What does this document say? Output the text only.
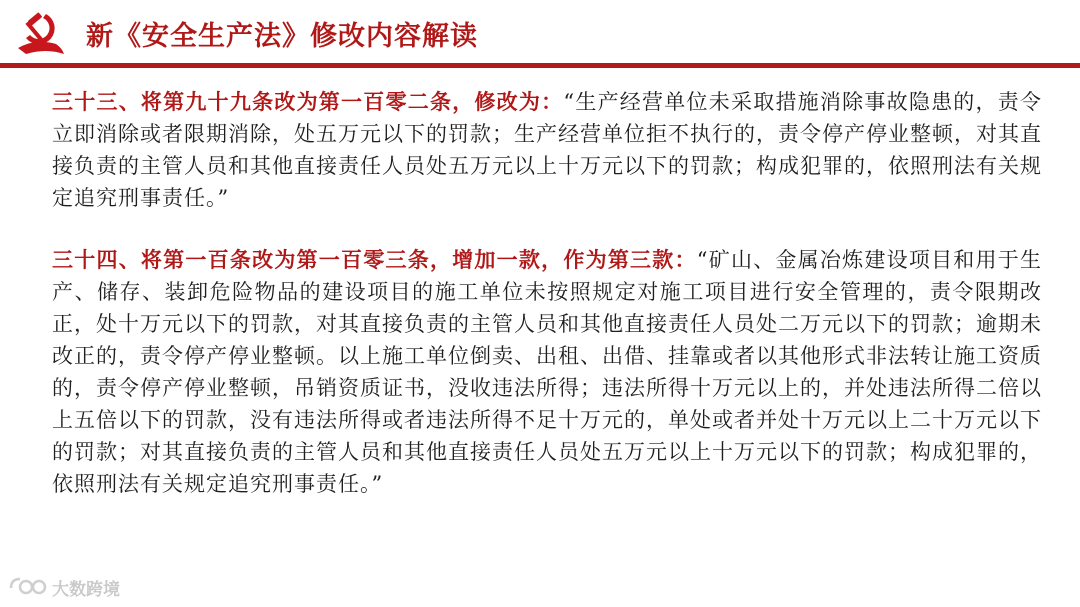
新《安全生产法》修改内容解读

三十三、将第九十九条改为第一百零二条，修改为：“生产经营单位未采取措施消除事故隐患的，责令立即消除或者限期消除，处五万元以下的罚款；生产经营单位拒不执行的，责令停产停业整顿，对其直接负责的主管人员和其他直接责任人员处五万元以上十万元以下的罚款；构成犯罪的，依照刑法有关规定追究刑事责任。”

三十四、将第一百条改为第一百零三条，增加一款，作为第三款：“矿山、金属冶炼建设项目和用于生产、储存、装卸危险物品的建设项目的施工单位未按照规定对施工项目进行安全管理的，责令限期改正，处十万元以下的罚款，对其直接负责的主管人员和其他直接责任人员处二万元以下的罚款；逾期未改正的，责令停产停业整顿。以上施工单位倒卖、出租、出借、挂靠或者以其他形式非法转让施工资质的，责令停产停业整顿，吊销资质证书，没收违法所得；违法所得十万元以上的，并处违法所得二倍以上五倍以下的罚款，没有违法所得或者违法所得不足十万元的，单处或者并处十万元以上二十万元以下的罚款；对其直接负责的主管人员和其他直接责任人员处五万元以上十万元以下的罚款；构成犯罪的，依照刑法有关规定追究刑事责任。”

大数跨境
